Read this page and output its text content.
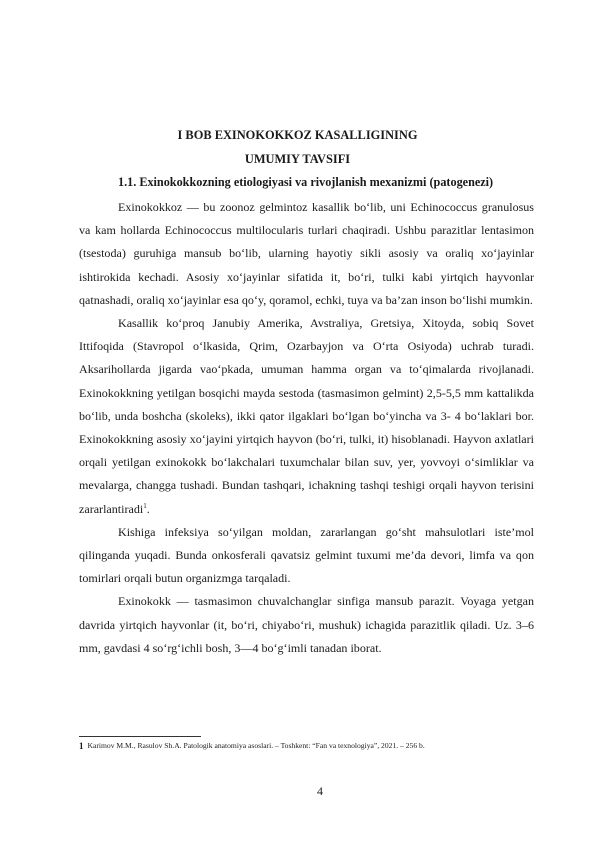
I BOB EXINOKOKKOZ KASALLIGINING
UMUMIY TAVSIFI
1.1. Exinokokkozning etiologiyasi va rivojlanish mexanizmi (patogenezi)

Exinokokkoz — bu zoonoz gelmintoz kasallik bo‘lib, uni Echinococcus granulosus va kam hollarda Echinococcus multilocularis turlari chaqiradi. Ushbu parazitlar lentasimon (tsestoda) guruhiga mansub bo‘lib, ularning hayotiy sikli asosiy va oraliq xo‘jayinlar ishtirokida kechadi. Asosiy xo‘jayinlar sifatida it, bo‘ri, tulki kabi yirtqich hayvonlar qatnashadi, oraliq xo‘jayinlar esa qo‘y, qoramol, echki, tuya va ba’zan inson bo‘lishi mumkin.

Kasallik ko‘proq Janubiy Amerika, Avstraliya, Gretsiya, Xitoyda, sobiq Sovet Ittifoqida (Stavropol o‘lkasida, Qrim, Ozarbayjon va O‘rta Osiyoda) uchrab turadi. Aksarihollarda jigarda vao‘pkada, umuman hamma organ va to‘qimalarda rivojlanadi. Exinokokkning yetilgan bosqichi mayda sestoda (tasmasimon gelmint) 2,5-5,5 mm kattalikda bo‘lib, unda boshcha (skoleks), ikki qator ilgaklari bo‘lgan bo‘yincha va 3- 4 bo‘laklari bor. Exinokokkning asosiy xo‘jayini yirtqich hayvon (bo‘ri, tulki, it) hisoblanadi. Hayvon axlatlari orqali yetilgan exinokokk bo‘lakchalari tuxumchalar bilan suv, yer, yovvoyi o‘simliklar va mevalarga, changga tushadi. Bundan tashqari, ichakning tashqi teshigi orqali hayvon terisini zararlantiradi$^1$.

Kishiga infeksiya so‘yilgan moldan, zararlangan go‘sht mahsulotlari iste’mol qilinganda yuqadi. Bunda onkosferali qavatsiz gelmint tuxumi me’da devori, limfa va qon tomirlari orqali butun organizmga tarqaladi.

Exinokokk — tasmasimon chuvalchanglar sinfiga mansub parazit. Voyaga yetgan davrida yirtqich hayvonlar (it, bo‘ri, chiyabo‘ri, mushuk) ichagida parazitlik qiladi. Uz. 3–6 mm, gavdasi 4 so‘rg‘ichli bosh, 3—4 bo‘g‘imli tanadan iborat.

1 Karimov M.M., Rasulov Sh.A. Patologik anatomiya asoslari. – Toshkent: “Fan va texnologiya”, 2021. – 256 b.

4
